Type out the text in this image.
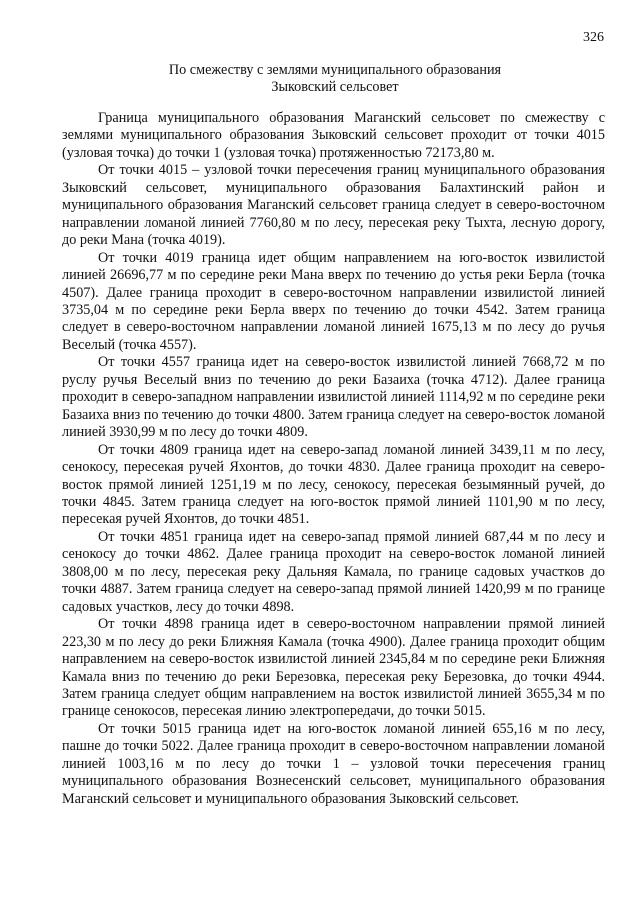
326
По смежеству с землями муниципального образования
Зыковский сельсовет

Граница муниципального образования Маганский сельсовет по смежеству с землями муниципального образования Зыковский сельсовет проходит от точки 4015 (узловая точка) до точки 1 (узловая точка) протяженностью 72173,80 м.

От точки 4015 – узловой точки пересечения границ муниципального образования Зыковский сельсовет, муниципального образования Балахтинский район и муниципального образования Маганский сельсовет граница следует в северо-восточном направлении ломаной линией 7760,80 м по лесу, пересекая реку Тыхта, лесную дорогу, до реки Мана (точка 4019).

От точки 4019 граница идет общим направлением на юго-восток извилистой линией 26696,77 м по середине реки Мана вверх по течению до устья реки Берла (точка 4507). Далее граница проходит в северо-восточном направлении извилистой линией 3735,04 м по середине реки Берла вверх по течению до точки 4542. Затем граница следует в северо-восточном направлении ломаной линией 1675,13 м по лесу до ручья Веселый (точка 4557).

От точки 4557 граница идет на северо-восток извилистой линией 7668,72 м по руслу ручья Веселый вниз по течению до реки Базаиха (точка 4712). Далее граница проходит в северо-западном направлении извилистой линией 1114,92 м по середине реки Базаиха вниз по течению до точки 4800. Затем граница следует на северо-восток ломаной линией 3930,99 м по лесу до точки 4809.

От точки 4809 граница идет на северо-запад ломаной линией 3439,11 м по лесу, сенокосу, пересекая ручей Яхонтов, до точки 4830. Далее граница проходит на северо-восток прямой линией 1251,19 м по лесу, сенокосу, пересекая безымянный ручей, до точки 4845. Затем граница следует на юго-восток прямой линией 1101,90 м по лесу, пересекая ручей Яхонтов, до точки 4851.

От точки 4851 граница идет на северо-запад прямой линией 687,44 м по лесу и сенокосу до точки 4862. Далее граница проходит на северо-восток ломаной линией 3808,00 м по лесу, пересекая реку Дальняя Камала, по границе садовых участков до точки 4887. Затем граница следует на северо-запад прямой линией 1420,99 м по границе садовых участков, лесу до точки 4898.

От точки 4898 граница идет в северо-восточном направлении прямой линией 223,30 м по лесу до реки Ближняя Камала (точка 4900). Далее граница проходит общим направлением на северо-восток извилистой линией 2345,84 м по середине реки Ближняя Камала вниз по течению до реки Березовка, пересекая реку Березовка, до точки 4944. Затем граница следует общим направлением на восток извилистой линией 3655,34 м по границе сенокосов, пересекая линию электропередачи, до точки 5015.

От точки 5015 граница идет на юго-восток ломаной линией 655,16 м по лесу, пашне до точки 5022. Далее граница проходит в северо-восточном направлении ломаной линией 1003,16 м по лесу до точки 1 – узловой точки пересечения границ муниципального образования Вознесенский сельсовет, муниципального образования Маганский сельсовет и муниципального образования Зыковский сельсовет.
